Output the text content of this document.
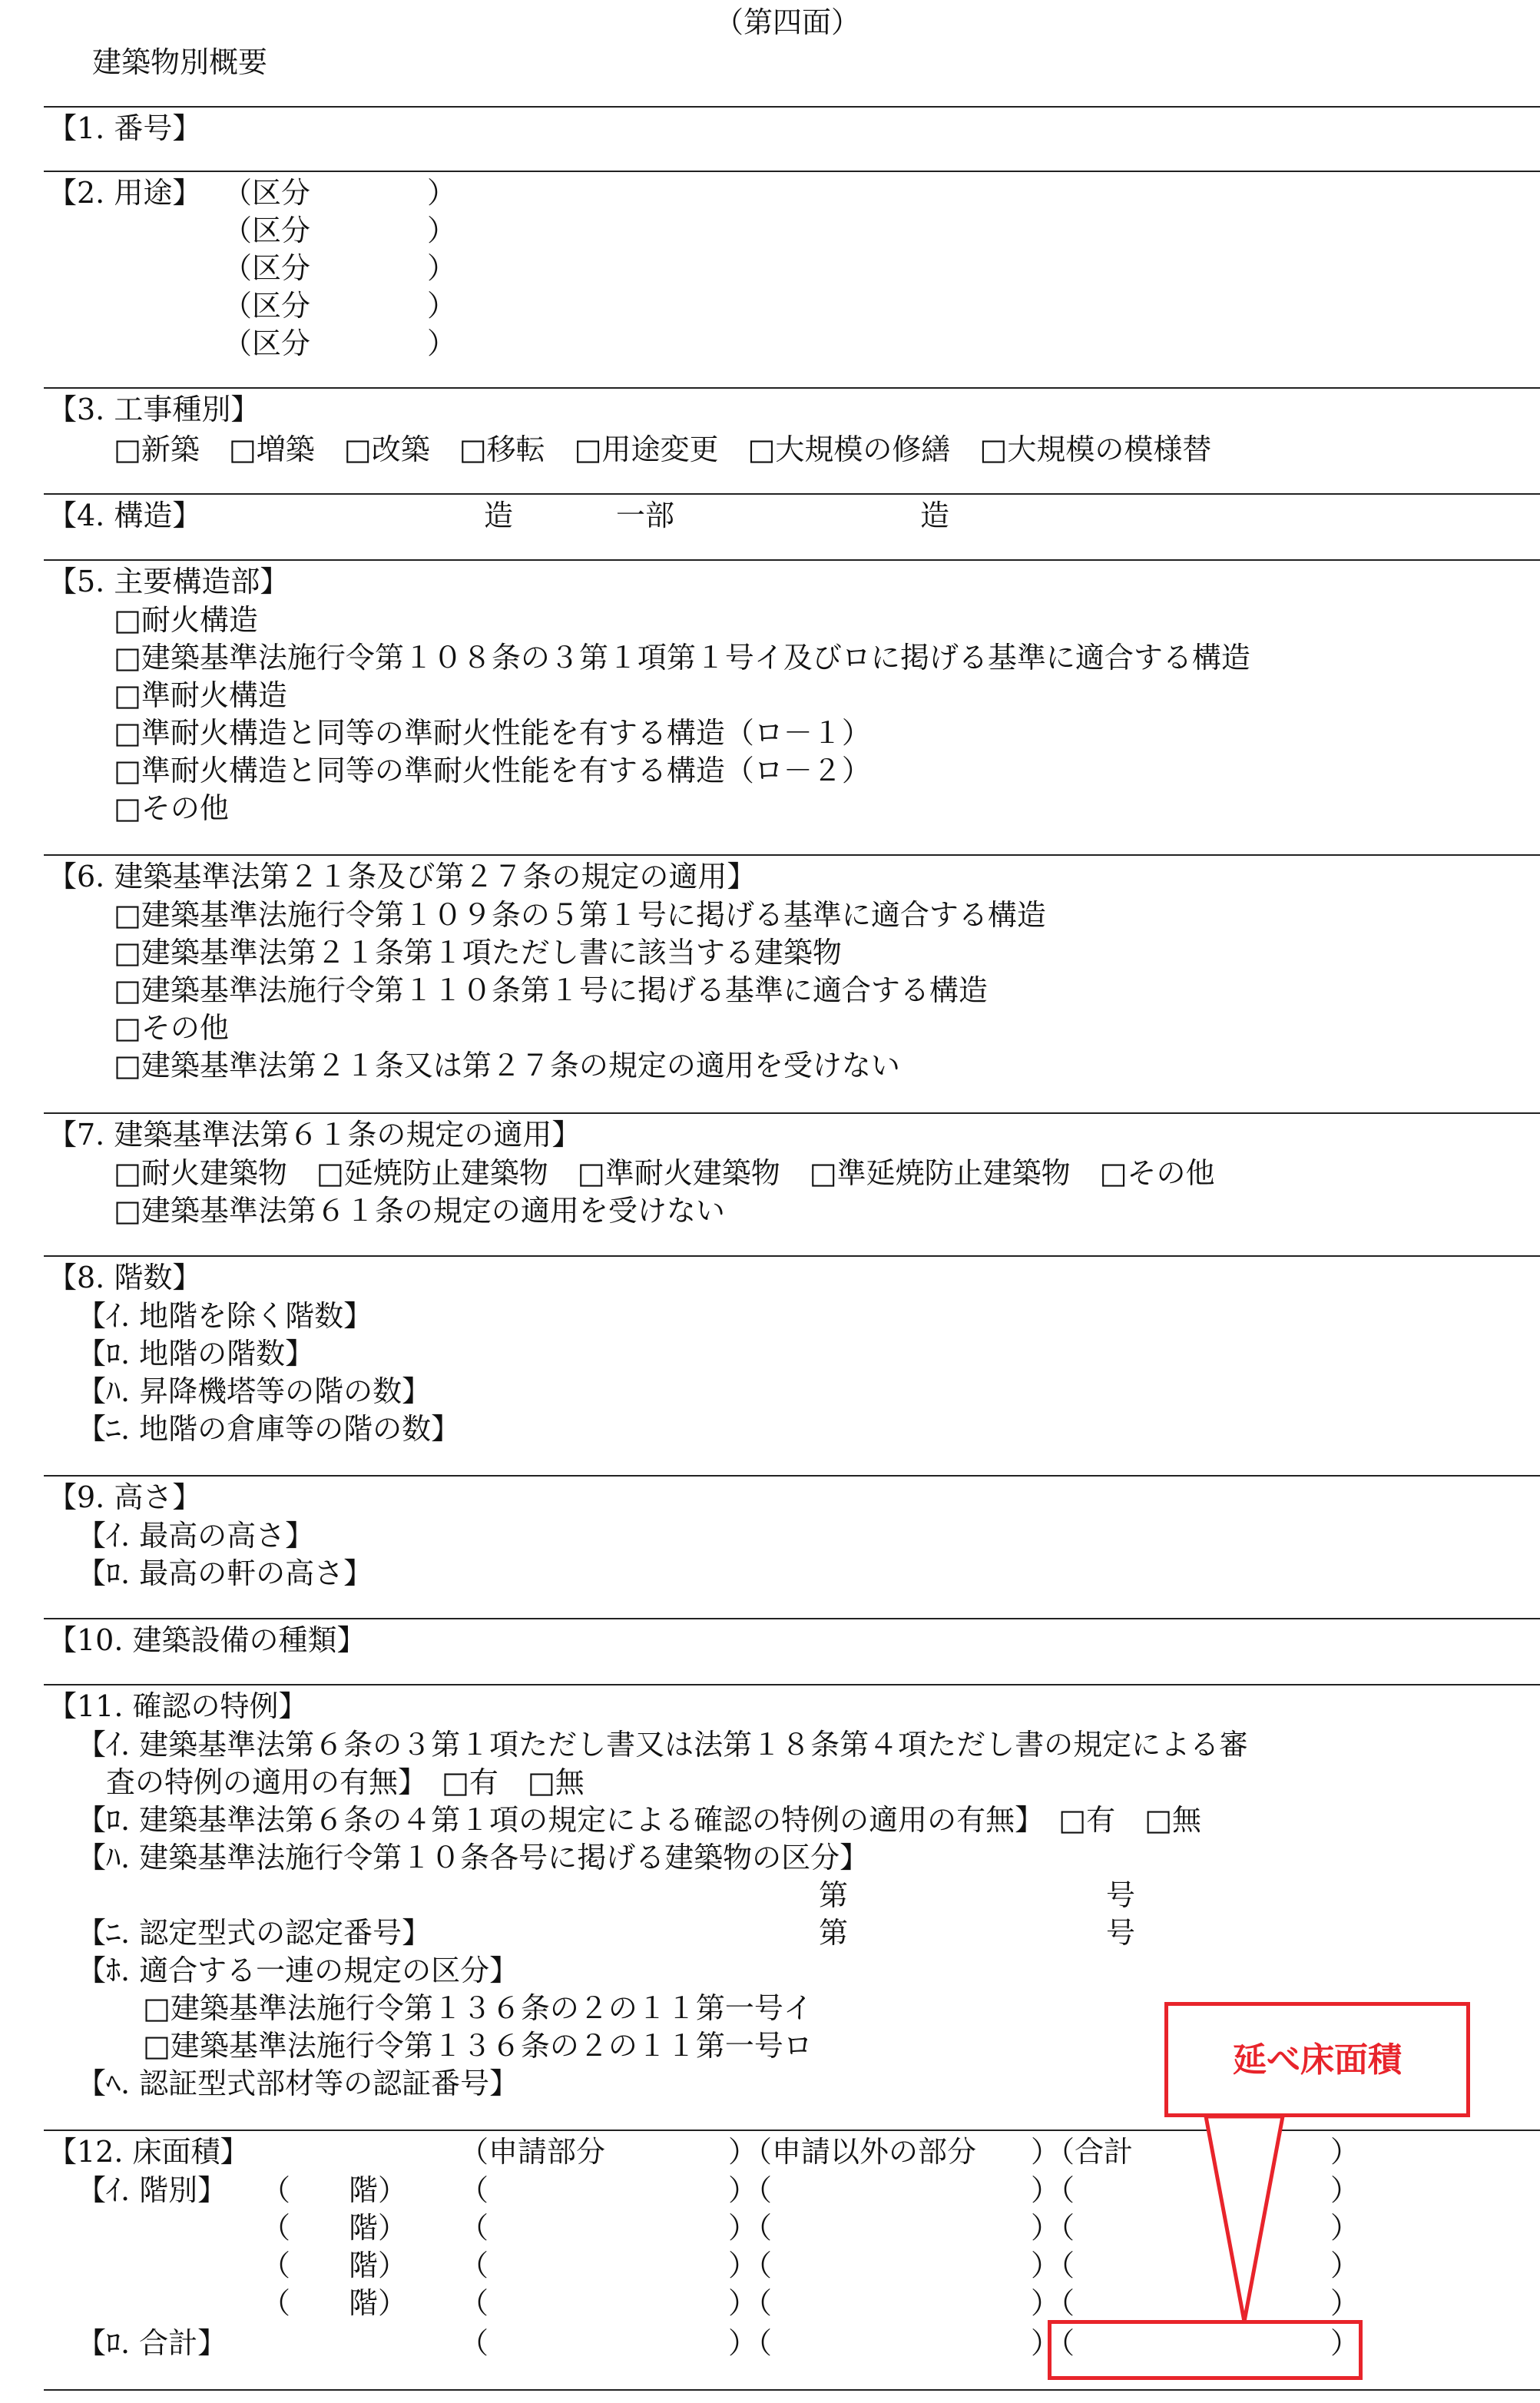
（第四面）
建築物別概要
【1. 番号】
【2. 用途】 （区分　　　　）
（区分　　　　）
（区分　　　　）
（区分　　　　）
（区分　　　　）
【3. 工事種別】
□新築　□増築　□改築　□移転　□用途変更　□大規模の修繕　□大規模の模様替
【4. 構造】	造	一部	造
【5. 主要構造部】
□耐火構造
□建築基準法施行令第１０８条の３第１項第１号イ及びロに掲げる基準に適合する構造
□準耐火構造
□準耐火構造と同等の準耐火性能を有する構造（ロ－１）
□準耐火構造と同等の準耐火性能を有する構造（ロ－２）
□その他
【6. 建築基準法第２１条及び第２７条の規定の適用】
□建築基準法施行令第１０９条の５第１号に掲げる基準に適合する構造
□建築基準法第２１条第１項ただし書に該当する建築物
□建築基準法施行令第１１０条第１号に掲げる基準に適合する構造
□その他
□建築基準法第２１条又は第２７条の規定の適用を受けない
【7. 建築基準法第６１条の規定の適用】
□耐火建築物　□延焼防止建築物　□準耐火建築物　□準延焼防止建築物　□その他
□建築基準法第６１条の規定の適用を受けない
【8. 階数】
【ｲ. 地階を除く階数】
【ﾛ. 地階の階数】
【ﾊ. 昇降機塔等の階の数】
【ﾆ. 地階の倉庫等の階の数】
【9. 高さ】
【ｲ. 最高の高さ】
【ﾛ. 最高の軒の高さ】
【10. 建築設備の種類】
【11. 確認の特例】
【ｲ. 建築基準法第６条の３第１項ただし書又は法第１８条第４項ただし書の規定による審
査の特例の適用の有無】　□有　□無
【ﾛ. 建築基準法第６条の４第１項の規定による確認の特例の適用の有無】　□有　□無
【ﾊ. 建築基準法施行令第１０条各号に掲げる建築物の区分】
第	号
【ﾆ. 認定型式の認定番号】	第	号
【ﾎ. 適合する一連の規定の区分】
□建築基準法施行令第１３６条の２の１１第一号イ
□建築基準法施行令第１３６条の２の１１第一号ロ
【ﾍ. 認証型式部材等の認証番号】
【12. 床面積】	（申請部分	）（申請以外の部分 ）（合計	）
【ｲ. 階別】 （ 階） （	）（	）（	）
（ 階） （	）（	）（	）
（ 階） （	）（	）（	）
（ 階） （	）（	）（	）
【ﾛ. 合計】	（	）（	）（	）
延べ床面積
